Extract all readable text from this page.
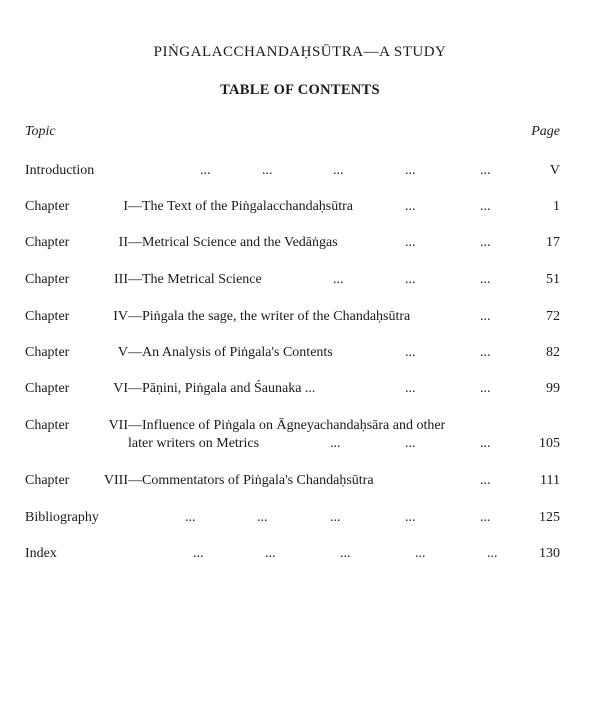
PIṄGALACCHANDAḤSŪTRA—A STUDY
TABLE OF CONTENTS
Topic	Page
Introduction	...	...	...	...	...	V
Chapter	I —The Text of the Piṅgalacchandaḥsūtra	...	...	1
Chapter	II —Metrical Science and the Vedāṅgas	...	...	17
Chapter	III —The Metrical Science	...	...	...	51
Chapter	IV —Piṅgala the sage, the writer of the Chandaḥsūtra	...	72
Chapter	V —An Analysis of Piṅgala's Contents	...	...	82
Chapter	VI —Pāṇini, Piṅgala and Śaunaka ...	...	...	99
Chapter	VII —Influence of Piṅgala on Āgneyachandaḥsāra and other
later writers on Metrics	...	...	...	105
Chapter	VIII —Commentators of Piṅgala's Chandaḥsūtra	...	111
Bibliography	...	...	...	...	...	125
Index	...	...	...	...	...	130
